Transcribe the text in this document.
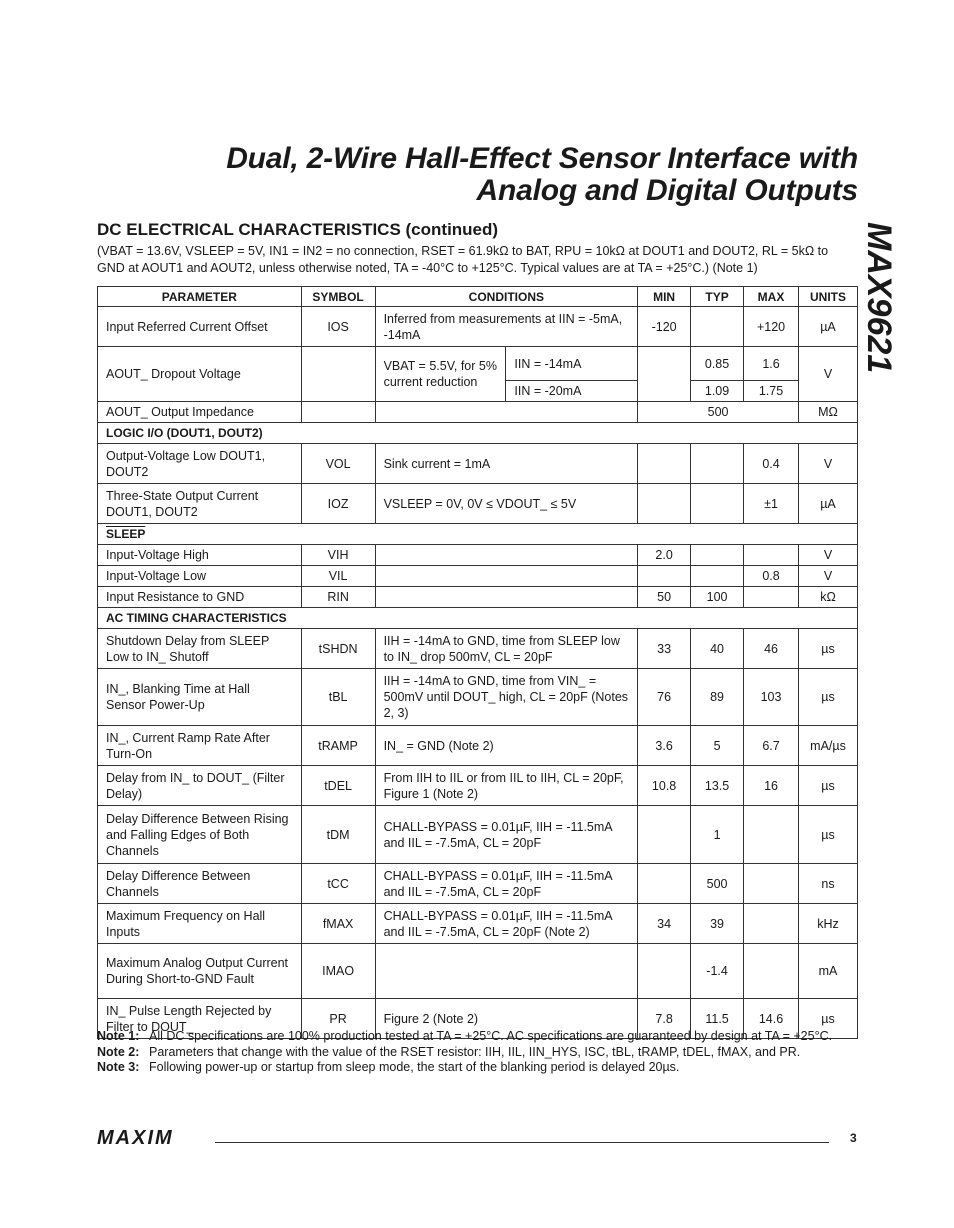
Dual, 2-Wire Hall-Effect Sensor Interface with
Analog and Digital Outputs
MAX9621
DC ELECTRICAL CHARACTERISTICS (continued)
(VBAT = 13.6V, VSLEEP = 5V, IN1 = IN2 = no connection, RSET = 61.9kΩ to BAT, RPU = 10kΩ at DOUT1 and DOUT2, RL = 5kΩ to GND at AOUT1 and AOUT2, unless otherwise noted, TA = -40°C to +125°C. Typical values are at TA = +25°C.) (Note 1)
PARAMETER	SYMBOL	CONDITIONS		MIN	TYP	MAX	UNITS
Input Referred Current Offset	IOS	Inferred from measurements at IIN = -5mA, -14mA		-120		+120	µA
AOUT_ Dropout Voltage		VBAT = 5.5V, for 5% current reduction	IIN = -14mA		0.85	1.6	V
			IIN = -20mA		1.09	1.75	
AOUT_ Output Impedance				500			MΩ
LOGIC I/O (DOUT1, DOUT2)							
Output-Voltage Low DOUT1, DOUT2	VOL	Sink current = 1mA				0.4	V
Three-State Output Current DOUT1, DOUT2	IOZ	VSLEEP = 0V, 0V ≤ VDOUT_ ≤ 5V				±1	µA
SLEEP							
Input-Voltage High	VIH			2.0			V
Input-Voltage Low	VIL					0.8	V
Input Resistance to GND	RIN			50	100		kΩ
AC TIMING CHARACTERISTICS							
Shutdown Delay from SLEEP Low to IN_ Shutoff	tSHDN	IIH = -14mA to GND, time from SLEEP low to IN_ drop 500mV, CL = 20pF		33	40	46	µs
IN_, Blanking Time at Hall Sensor Power-Up	tBL	IIH = -14mA to GND, time from VIN_ = 500mV until DOUT_ high, CL = 20pF (Notes 2, 3)		76	89	103	µs
IN_, Current Ramp Rate After Turn-On	tRAMP	IN_ = GND (Note 2)		3.6	5	6.7	mA/µs
Delay from IN_ to DOUT_ (Filter Delay)	tDEL	From IIH to IIL or from IIL to IIH, CL = 20pF, Figure 1 (Note 2)		10.8	13.5	16	µs
Delay Difference Between Rising and Falling Edges of Both Channels	tDM	CHALL-BYPASS = 0.01µF, IIH = -11.5mA and IIL = -7.5mA, CL = 20pF			1		µs
Delay Difference Between Channels	tCC	CHALL-BYPASS = 0.01µF, IIH = -11.5mA and IIL = -7.5mA, CL = 20pF			500		ns
Maximum Frequency on Hall Inputs	fMAX	CHALL-BYPASS = 0.01µF, IIH = -11.5mA and IIL = -7.5mA, CL = 20pF (Note 2)		34	39		kHz
Maximum Analog Output Current During Short-to-GND Fault	IMAO				-1.4		mA
IN_ Pulse Length Rejected by Filter to DOUT_	PR	Figure 2 (Note 2)		7.8	11.5	14.6	µs
Note 1: All DC specifications are 100% production tested at TA = +25°C. AC specifications are guaranteed by design at TA = +25°C.
Note 2: Parameters that change with the value of the RSET resistor: IIH, IIL, IIN_HYS, ISC, tBL, tRAMP, tDEL, fMAX, and PR.
Note 3: Following power-up or startup from sleep mode, the start of the blanking period is delayed 20µs.
MAXIM	3
